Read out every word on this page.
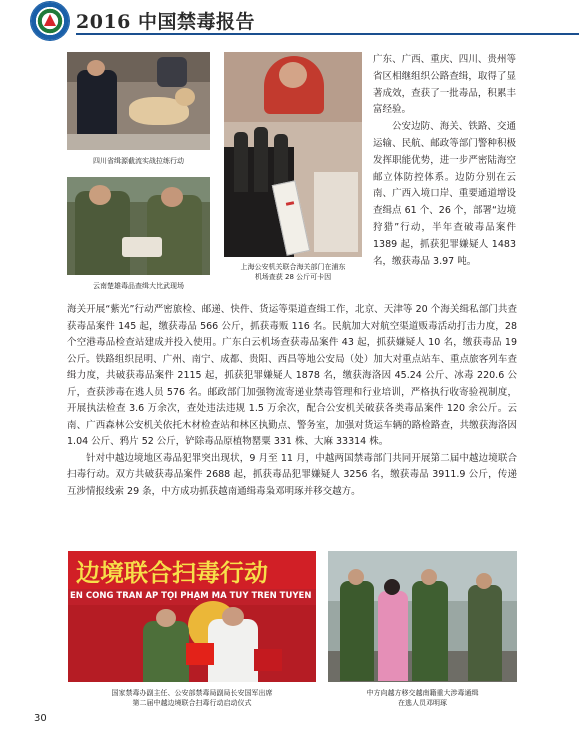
2016 中国禁毒报告
四川省缉源截流实战拉练行动
云南楚雄毒品查缉大比武现场
上海公安机关联合海关部门在浦东
机场查获 28 公斤可卡因

广东、广西、重庆、四川、贵州等省区相继组织公路查缉，取得了显著成效，查获了一批毒品，积累丰富经验。

公安边防、海关、铁路、交通运输、民航、邮政等部门警种积极发挥职能优势，进一步严密陆海空邮立体防控体系。边防分别在云南、广西入境口岸、重要通道增设查缉点 61 个、26 个，部署“边境狩猎”行动，半年查破毒品案件 1389 起，抓获犯罪嫌疑人 1483 名，缴获毒品 3.97 吨。

海关开展“紫光”行动严密旅检、邮递、快件、货运等渠道查缉工作，北京、天津等 20 个海关缉私部门共查获毒品案件 145 起，缴获毒品 566 公斤，抓获毒贩 116 名。民航加大对航空渠道贩毒活动打击力度，28 个空港毒品检查站建成并投入使用。广东白云机场查获毒品案件 43 起，抓获嫌疑人 10 名，缴获毒品 19 公斤。铁路组织昆明、广州、南宁、成都、贵阳、西昌等地公安局（处）加大对重点站车、重点旅客列车查缉力度，共破获毒品案件 2115 起，抓获犯罪嫌疑人 1878 名，缴获海洛因 45.24 公斤、冰毒 220.6 公斤，查获涉毒在逃人员 576 名。邮政部门加强物流寄递业禁毒管理和行业培训，严格执行收寄验视制度，开展执法检查 3.6 万余次，查处违法违规 1.5 万余次，配合公安机关破获各类毒品案件 120 余公斤。云南、广西森林公安机关依托木材检查站和林区执勤点、警务室，加强对货运车辆的路检路查，共缴获海洛因 1.04 公斤、鸦片 52 公斤，铲除毒品原植物罂粟 331 株、大麻 33314 株。

针对中越边境地区毒品犯罪突出现状，9 月至 11 月，中越两国禁毒部门共同开展第二届中越边境联合扫毒行动。双方共破获毒品案件 2688 起，抓获毒品犯罪嫌疑人 3256 名，缴获毒品 3911.9 公斤，传递互涉情报线索 29 条，中方成功抓获越南通缉毒枭邓明琢并移交越方。

边境联合扫毒行动
ÊN CÔNG TRẤN ÁP TỘI PHẠM MA TUÝ TRÊN TUYẾN
国家禁毒办副主任、公安部禁毒局副局长安国军出席
第二届中越边境联合扫毒行动启动仪式
中方向越方移交越南籍重大涉毒通缉
在逃人员邓明琢
30
